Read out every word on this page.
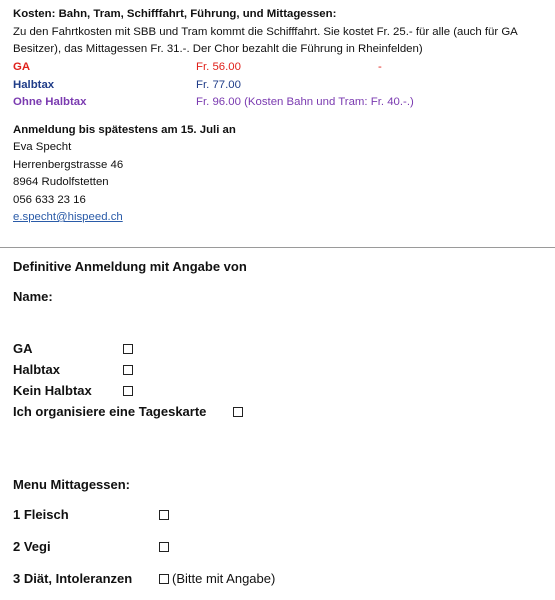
Kosten: Bahn, Tram, Schifffahrt, Führung, und Mittagessen:
Zu den Fahrtkosten mit SBB und Tram kommt die Schifffahrt. Sie kostet Fr. 25.- für alle (auch für GA
Besitzer), das Mittagessen Fr. 31.-. Der Chor bezahlt die Führung in Rheinfelden)
GA	Fr. 56.00	-
Halbtax	Fr. 77.00
Ohne Halbtax	Fr. 96.00 (Kosten Bahn und Tram: Fr. 40.-.)
Anmeldung bis spätestens am 15. Juli an
Eva Specht
Herrenbergstrasse 46
8964 Rudolfstetten
056 633 23 16
e.specht@hispeed.ch
Definitive Anmeldung mit Angabe von
Name:
GA
Halbtax
Kein Halbtax
Ich organisiere eine Tageskarte
Menu Mittagessen:
1 Fleisch
2 Vegi
3 Diät, Intoleranzen	(Bitte mit Angabe)
